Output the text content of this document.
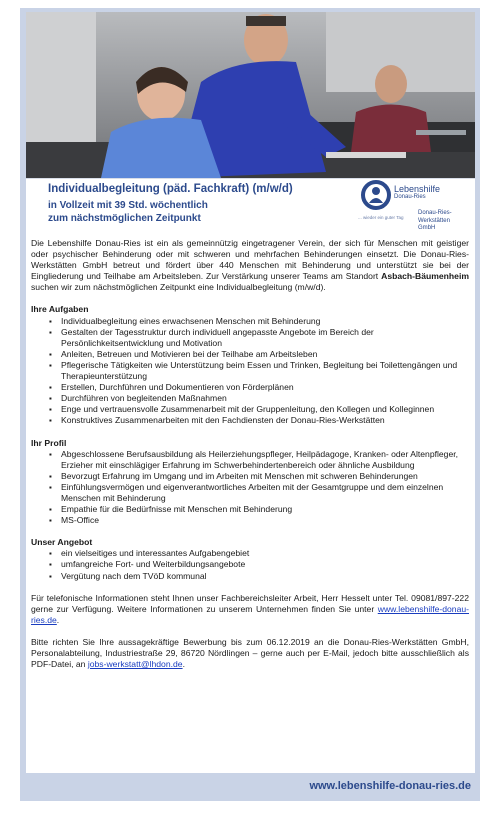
Individualbegleitung (päd. Fachkraft) (m/w/d)
in Vollzeit mit 39 Std. wöchentlich
zum nächstmöglichen Zeitpunkt
Lebenshilfe
Donau-Ries
... wieder ein guter Tag
Donau-Ries-
Werkstätten GmbH

Die Lebenshilfe Donau-Ries ist ein als gemeinnützig eingetragener Verein, der sich für Menschen mit geistiger oder psychischer Behinderung oder mit schweren und mehrfachen Behinderungen einsetzt. Die Donau-Ries-Werkstätten GmbH betreut und fördert über 440 Menschen mit Behinderung und unterstützt sie bei der Eingliederung und Teilhabe am Arbeitsleben. Zur Verstärkung unserer Teams am Standort Asbach-Bäumenheim suchen wir zum nächstmöglichen Zeitpunkt eine Individualbegleitung (m/w/d).

Ihre Aufgaben

▪ Individualbegleitung eines erwachsenen Menschen mit Behinderung
▪ Gestalten der Tagesstruktur durch individuell angepasste Angebote im Bereich der Persönlichkeitsentwicklung und Motivation
▪ Anleiten, Betreuen und Motivieren bei der Teilhabe am Arbeitsleben
▪ Pflegerische Tätigkeiten wie Unterstützung beim Essen und Trinken, Begleitung bei Toilettengängen und Therapieunterstützung
▪ Erstellen, Durchführen und Dokumentieren von Förderplänen
▪ Durchführen von begleitenden Maßnahmen
▪ Enge und vertrauensvolle Zusammenarbeit mit der Gruppenleitung, den Kollegen und Kolleginnen
▪ Konstruktives Zusammenarbeiten mit den Fachdiensten der Donau-Ries-Werkstätten

Ihr Profil

▪ Abgeschlossene Berufsausbildung als Heilerziehungspfleger, Heilpädagoge, Kranken- oder Altenpfleger, Erzieher mit einschlägiger Erfahrung im Schwerbehindertenbereich oder ähnliche Ausbildung
▪ Bevorzugt Erfahrung im Umgang und im Arbeiten mit Menschen mit schweren Behinderungen
▪ Einfühlungsvermögen und eigenverantwortliches Arbeiten mit der Gesamtgruppe und dem einzelnen Menschen mit Behinderung
▪ Empathie für die Bedürfnisse mit Menschen mit Behinderung
▪ MS-Office

Unser Angebot

▪ ein vielseitiges und interessantes Aufgabengebiet
▪ umfangreiche Fort- und Weiterbildungsangebote
▪ Vergütung nach dem TVöD kommunal

Für telefonische Informationen steht Ihnen unser Fachbereichsleiter Arbeit, Herr Hesselt unter Tel. 09081/897-222 gerne zur Verfügung. Weitere Informationen zu unserem Unternehmen finden Sie unter www.lebenshilfe-donau-ries.de.

Bitte richten Sie Ihre aussagekräftige Bewerbung bis zum 06.12.2019 an die Donau-Ries-Werkstätten GmbH, Personalabteilung, Industriestraße 29, 86720 Nördlingen – gerne auch per E-Mail, jedoch bitte ausschließlich als PDF-Datei, an jobs-werkstatt@lhdon.de.

www.lebenshilfe-donau-ries.de
